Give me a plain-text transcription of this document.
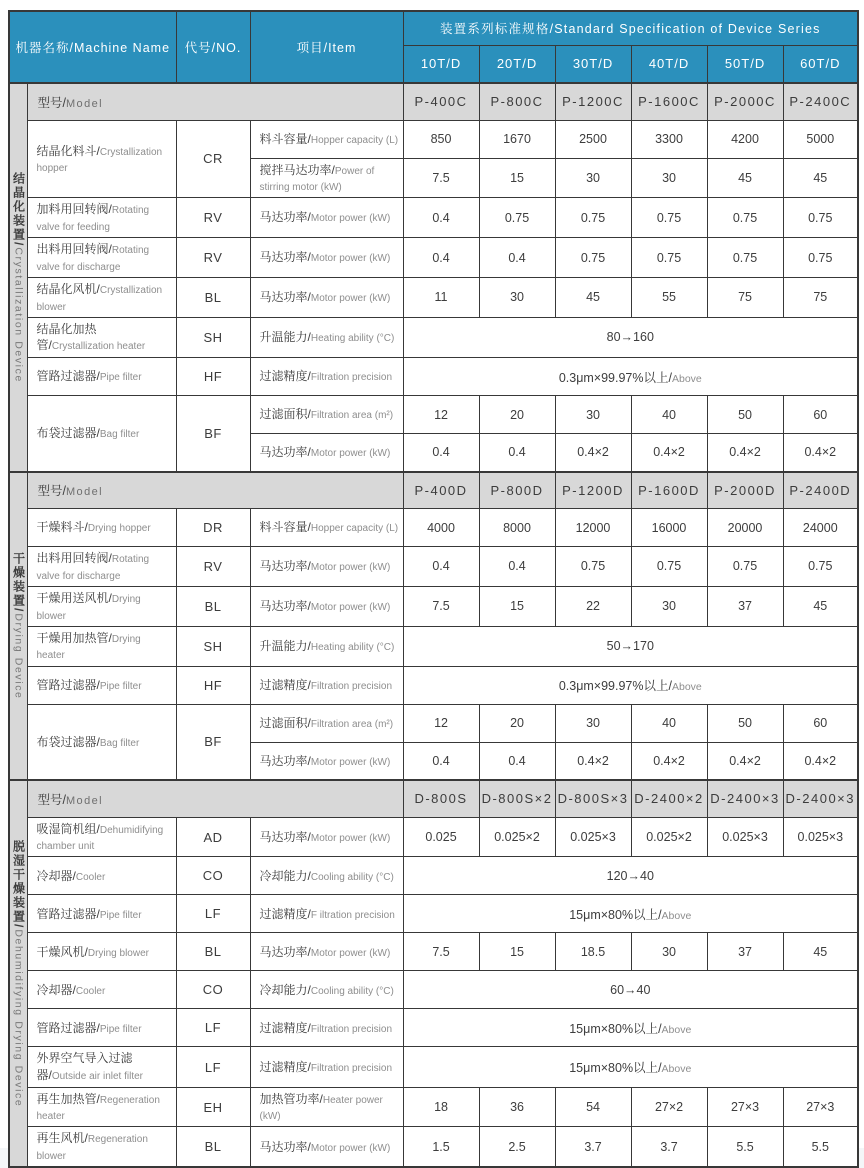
机器名称/Machine Name		代号/NO.	项目/Item	装置系列标准规格/Standard Specification of Device Series					
				10T/D	20T/D	30T/D	40T/D	50T/D	60T/D

结晶化装置/Crystallization Device	型号/Model			P-400C	P-800C	P-1200C	P-1600C	P-2000C	P-2400C
	结晶化料斗/Crystallization hopper	CR	料斗容量/Hopper capacity (L)	850	1670	2500	3300	4200	5000
			搅拌马达功率/Power of stirring motor (kW)	7.5	15	30	30	45	45
	加料用回转阀/Rotating valve for feeding	RV	马达功率/Motor power (kW)	0.4	0.75	0.75	0.75	0.75	0.75
	出料用回转阀/Rotating valve for discharge	RV	马达功率/Motor power (kW)	0.4	0.4	0.75	0.75	0.75	0.75
	结晶化风机/Crystallization blower	BL	马达功率/Motor power (kW)	11	30	45	55	75	75
	结晶化加热管/Crystallization heater	SH	升温能力/Heating ability (°C)	80→160					
	管路过滤器/Pipe filter	HF	过滤精度/Filtration precision	0.3μm×99.97%以上/Above					
	布袋过滤器/Bag filter	BF	过滤面积/Filtration area (m²)	12	20	30	40	50	60
			马达功率/Motor power (kW)	0.4	0.4	0.4×2	0.4×2	0.4×2	0.4×2

干燥装置/Drying Device	型号/Model			P-400D	P-800D	P-1200D	P-1600D	P-2000D	P-2400D
	干燥料斗/Drying hopper	DR	料斗容量/Hopper capacity (L)	4000	8000	12000	16000	20000	24000
	出料用回转阀/Rotating valve for discharge	RV	马达功率/Motor power (kW)	0.4	0.4	0.75	0.75	0.75	0.75
	干燥用送风机/Drying blower	BL	马达功率/Motor power (kW)	7.5	15	22	30	37	45
	干燥用加热管/Drying heater	SH	升温能力/Heating ability (°C)	50→170					
	管路过滤器/Pipe filter	HF	过滤精度/Filtration precision	0.3μm×99.97%以上/Above					
	布袋过滤器/Bag filter	BF	过滤面积/Filtration area (m²)	12	20	30	40	50	60
			马达功率/Motor power (kW)	0.4	0.4	0.4×2	0.4×2	0.4×2	0.4×2

脱湿干燥装置/Dehumidifying Drying Device	型号/Model			D-800S	D-800S×2	D-800S×3	D-2400×2	D-2400×3	D-2400×3
	吸湿筒机组/Dehumidifying chamber unit	AD	马达功率/Motor power (kW)	0.025	0.025×2	0.025×3	0.025×2	0.025×3	0.025×3
	冷却器/Cooler	CO	冷却能力/Cooling ability (°C)	120→40					
	管路过滤器/Pipe filter	LF	过滤精度/F iltration precision	15μm×80%以上/Above					
	干燥风机/Drying blower	BL	马达功率/Motor power (kW)	7.5	15	18.5	30	37	45
	冷却器/Cooler	CO	冷却能力/Cooling ability (°C)	60→40					
	管路过滤器/Pipe filter	LF	过滤精度/Filtration precision	15μm×80%以上/Above					
	外界空气导入过滤器/Outside air inlet filter	LF	过滤精度/Filtration precision	15μm×80%以上/Above					
	再生加热管/Regeneration heater	EH	加热管功率/Heater power (kW)	18	36	54	27×2	27×3	27×3
	再生风机/Regeneration blower	BL	马达功率/Motor power (kW)	1.5	2.5	3.7	3.7	5.5	5.5
